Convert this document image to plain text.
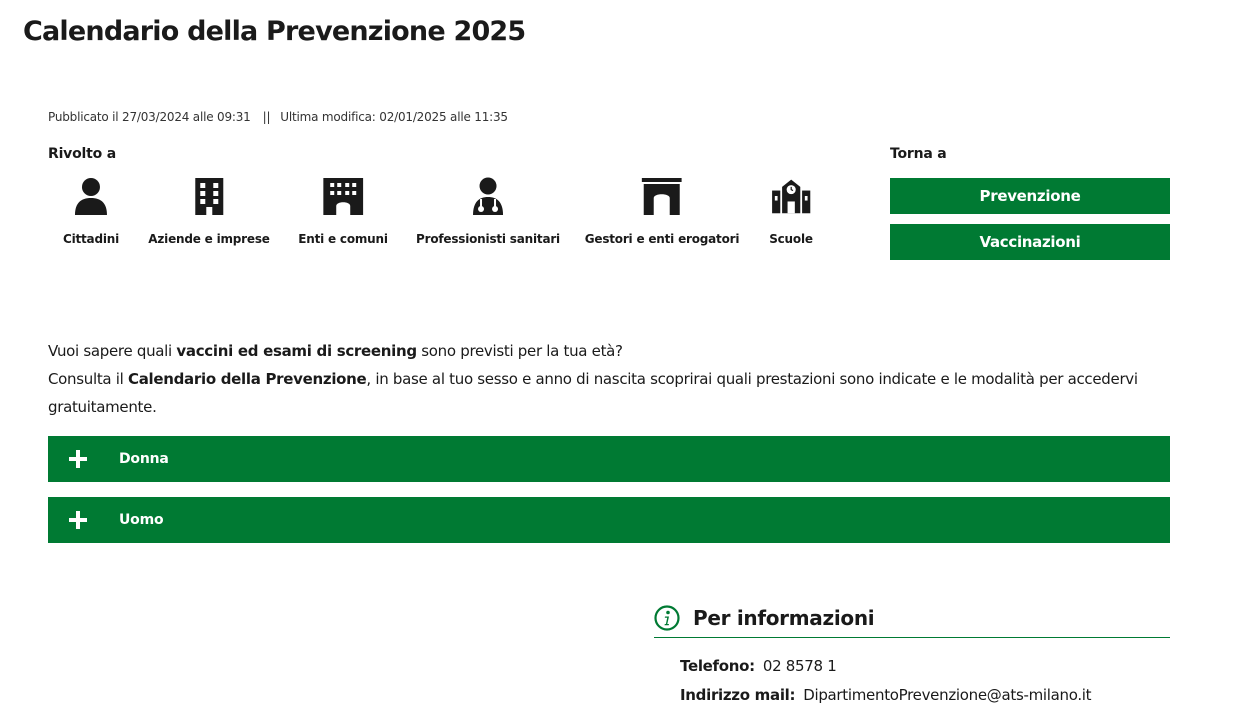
Calendario della Prevenzione 2025
Pubblicato il 27/03/2024 alle 09:31 || Ultima modifica: 02/01/2025 alle 11:35
Rivolto a
Cittadini Aziende e imprese Enti e comuni Professionisti sanitari Gestori e enti erogatori Scuole
Torna a
Prevenzione
Vaccinazioni
Vuoi sapere quali vaccini ed esami di screening sono previsti per la tua età?
Consulta il Calendario della Prevenzione, in base al tuo sesso e anno di nascita scoprirai quali prestazioni sono indicate e le modalità per accedervi gratuitamente.
Donna
Uomo
Per informazioni
Telefono: 02 8578 1
Indirizzo mail: DipartimentoPrevenzione@ats-milano.it
